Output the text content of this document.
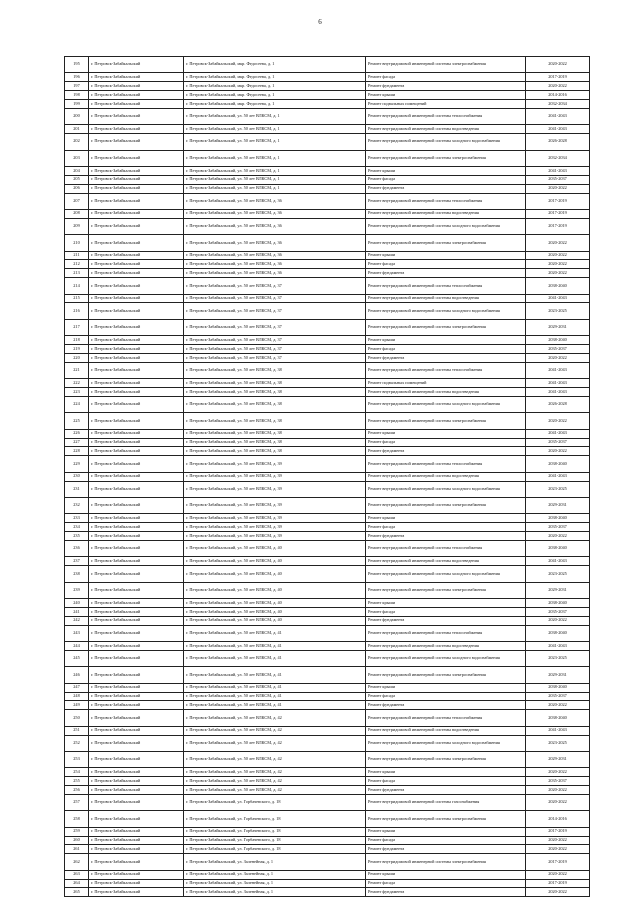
6
195	г. Петровск-Забайкальский	г. Петровск-Забайкальский, мкр. Федосеева, д. 1	Ремонт внутридомовой инженерной системы электроснабжения	2020-2022
196	г. Петровск-Забайкальский	г. Петровск-Забайкальский, мкр. Федосеева, д. 1	Ремонт фасада	2017-2019
197	г. Петровск-Забайкальский	г. Петровск-Забайкальский, мкр. Федосеева, д. 1	Ремонт фундамента	2020-2022
198	г. Петровск-Забайкальский	г. Петровск-Забайкальский, мкр. Федосеева, д. 1	Ремонт крыши	2014-2016
199	г. Петровск-Забайкальский	г. Петровск-Забайкальский, мкр. Федосеева, д. 1	Ремонт подвальных помещений	2032-2034
200	г. Петровск-Забайкальский	г. Петровск-Забайкальский, ул. 50 лет ВЛКСМ, д. 1	Ремонт внутридомовой инженерной системы теплоснабжения	2041-2043
201	г. Петровск-Забайкальский	г. Петровск-Забайкальский, ул. 50 лет ВЛКСМ, д. 1	Ремонт внутридомовой инженерной системы водоотведения	2041-2043
202	г. Петровск-Забайкальский	г. Петровск-Забайкальский, ул. 50 лет ВЛКСМ, д. 1	Ремонт внутридомовой инженерной системы холодного водоснабжения	2026-2028
203	г. Петровск-Забайкальский	г. Петровск-Забайкальский, ул. 50 лет ВЛКСМ, д. 1	Ремонт внутридомовой инженерной системы электроснабжения	2032-2034
204	г. Петровск-Забайкальский	г. Петровск-Забайкальский, ул. 50 лет ВЛКСМ, д. 1	Ремонт крыши	2041-2043
205	г. Петровск-Забайкальский	г. Петровск-Забайкальский, ул. 50 лет ВЛКСМ, д. 1	Ремонт фасада	2035-2037
206	г. Петровск-Забайкальский	г. Петровск-Забайкальский, ул. 50 лет ВЛКСМ, д. 1	Ремонт фундамента	2020-2022
207	г. Петровск-Забайкальский	г. Петровск-Забайкальский, ул. 50 лет ВЛКСМ, д. 36	Ремонт внутридомовой инженерной системы теплоснабжения	2017-2019
208	г. Петровск-Забайкальский	г. Петровск-Забайкальский, ул. 50 лет ВЛКСМ, д. 36	Ремонт внутридомовой инженерной системы водоотведения	2017-2019
209	г. Петровск-Забайкальский	г. Петровск-Забайкальский, ул. 50 лет ВЛКСМ, д. 36	Ремонт внутридомовой инженерной системы холодного водоснабжения	2017-2019
210	г. Петровск-Забайкальский	г. Петровск-Забайкальский, ул. 50 лет ВЛКСМ, д. 36	Ремонт внутридомовой инженерной системы электроснабжения	2020-2022
211	г. Петровск-Забайкальский	г. Петровск-Забайкальский, ул. 50 лет ВЛКСМ, д. 36	Ремонт крыши	2020-2022
212	г. Петровск-Забайкальский	г. Петровск-Забайкальский, ул. 50 лет ВЛКСМ, д. 36	Ремонт фасада	2020-2022
213	г. Петровск-Забайкальский	г. Петровск-Забайкальский, ул. 50 лет ВЛКСМ, д. 36	Ремонт фундамента	2020-2022
214	г. Петровск-Забайкальский	г. Петровск-Забайкальский, ул. 50 лет ВЛКСМ, д. 37	Ремонт внутридомовой инженерной системы теплоснабжения	2038-2040
215	г. Петровск-Забайкальский	г. Петровск-Забайкальский, ул. 50 лет ВЛКСМ, д. 37	Ремонт внутридомовой инженерной системы водоотведения	2041-2043
216	г. Петровск-Забайкальский	г. Петровск-Забайкальский, ул. 50 лет ВЛКСМ, д. 37	Ремонт внутридомовой инженерной системы холодного водоснабжения	2023-2025
217	г. Петровск-Забайкальский	г. Петровск-Забайкальский, ул. 50 лет ВЛКСМ, д. 37	Ремонт внутридомовой инженерной системы электроснабжения	2029-2031
218	г. Петровск-Забайкальский	г. Петровск-Забайкальский, ул. 50 лет ВЛКСМ, д. 37	Ремонт крыши	2038-2040
219	г. Петровск-Забайкальский	г. Петровск-Забайкальский, ул. 50 лет ВЛКСМ, д. 37	Ремонт фасада	2035-2037
220	г. Петровск-Забайкальский	г. Петровск-Забайкальский, ул. 50 лет ВЛКСМ, д. 37	Ремонт фундамента	2020-2022
221	г. Петровск-Забайкальский	г. Петровск-Забайкальский, ул. 50 лет ВЛКСМ, д. 38	Ремонт внутридомовой инженерной системы теплоснабжения	2041-2043
222	г. Петровск-Забайкальский	г. Петровск-Забайкальский, ул. 50 лет ВЛКСМ, д. 38	Ремонт подвальных помещений	2041-2043
223	г. Петровск-Забайкальский	г. Петровск-Забайкальский, ул. 50 лет ВЛКСМ, д. 38	Ремонт внутридомовой инженерной системы водоотведения	2041-2043
224	г. Петровск-Забайкальский	г. Петровск-Забайкальский, ул. 50 лет ВЛКСМ, д. 38	Ремонт внутридомовой инженерной системы холодного водоснабжения	2026-2028
225	г. Петровск-Забайкальский	г. Петровск-Забайкальский, ул. 50 лет ВЛКСМ, д. 38	Ремонт внутридомовой инженерной системы электроснабжения	2020-2022
226	г. Петровск-Забайкальский	г. Петровск-Забайкальский, ул. 50 лет ВЛКСМ, д. 38	Ремонт крыши	2041-2043
227	г. Петровск-Забайкальский	г. Петровск-Забайкальский, ул. 50 лет ВЛКСМ, д. 38	Ремонт фасада	2035-2037
228	г. Петровск-Забайкальский	г. Петровск-Забайкальский, ул. 50 лет ВЛКСМ, д. 38	Ремонт фундамента	2020-2022
229	г. Петровск-Забайкальский	г. Петровск-Забайкальский, ул. 50 лет ВЛКСМ, д. 39	Ремонт внутридомовой инженерной системы теплоснабжения	2038-2040
230	г. Петровск-Забайкальский	г. Петровск-Забайкальский, ул. 50 лет ВЛКСМ, д. 39	Ремонт внутридомовой инженерной системы водоотведения	2041-2043
231	г. Петровск-Забайкальский	г. Петровск-Забайкальский, ул. 50 лет ВЛКСМ, д. 39	Ремонт внутридомовой инженерной системы холодного водоснабжения	2023-2025
232	г. Петровск-Забайкальский	г. Петровск-Забайкальский, ул. 50 лет ВЛКСМ, д. 39	Ремонт внутридомовой инженерной системы электроснабжения	2029-2031
233	г. Петровск-Забайкальский	г. Петровск-Забайкальский, ул. 50 лет ВЛКСМ, д. 39	Ремонт крыши	2038-2040
234	г. Петровск-Забайкальский	г. Петровск-Забайкальский, ул. 50 лет ВЛКСМ, д. 39	Ремонт фасада	2035-2037
235	г. Петровск-Забайкальский	г. Петровск-Забайкальский, ул. 50 лет ВЛКСМ, д. 39	Ремонт фундамента	2020-2022
236	г. Петровск-Забайкальский	г. Петровск-Забайкальский, ул. 50 лет ВЛКСМ, д. 40	Ремонт внутридомовой инженерной системы теплоснабжения	2038-2040
237	г. Петровск-Забайкальский	г. Петровск-Забайкальский, ул. 50 лет ВЛКСМ, д. 40	Ремонт внутридомовой инженерной системы водоотведения	2041-2043
238	г. Петровск-Забайкальский	г. Петровск-Забайкальский, ул. 50 лет ВЛКСМ, д. 40	Ремонт внутридомовой инженерной системы холодного водоснабжения	2023-2025
239	г. Петровск-Забайкальский	г. Петровск-Забайкальский, ул. 50 лет ВЛКСМ, д. 40	Ремонт внутридомовой инженерной системы электроснабжения	2029-2031
240	г. Петровск-Забайкальский	г. Петровск-Забайкальский, ул. 50 лет ВЛКСМ, д. 40	Ремонт крыши	2038-2040
241	г. Петровск-Забайкальский	г. Петровск-Забайкальский, ул. 50 лет ВЛКСМ, д. 40	Ремонт фасада	2035-2037
242	г. Петровск-Забайкальский	г. Петровск-Забайкальский, ул. 50 лет ВЛКСМ, д. 40	Ремонт фундамента	2020-2022
243	г. Петровск-Забайкальский	г. Петровск-Забайкальский, ул. 50 лет ВЛКСМ, д. 41	Ремонт внутридомовой инженерной системы теплоснабжения	2038-2040
244	г. Петровск-Забайкальский	г. Петровск-Забайкальский, ул. 50 лет ВЛКСМ, д. 41	Ремонт внутридомовой инженерной системы водоотведения	2041-2043
245	г. Петровск-Забайкальский	г. Петровск-Забайкальский, ул. 50 лет ВЛКСМ, д. 41	Ремонт внутридомовой инженерной системы холодного водоснабжения	2023-2025
246	г. Петровск-Забайкальский	г. Петровск-Забайкальский, ул. 50 лет ВЛКСМ, д. 41	Ремонт внутридомовой инженерной системы электроснабжения	2029-2031
247	г. Петровск-Забайкальский	г. Петровск-Забайкальский, ул. 50 лет ВЛКСМ, д. 41	Ремонт крыши	2038-2040
248	г. Петровск-Забайкальский	г. Петровск-Забайкальский, ул. 50 лет ВЛКСМ, д. 41	Ремонт фасада	2035-2037
249	г. Петровск-Забайкальский	г. Петровск-Забайкальский, ул. 50 лет ВЛКСМ, д. 41	Ремонт фундамента	2020-2022
250	г. Петровск-Забайкальский	г. Петровск-Забайкальский, ул. 50 лет ВЛКСМ, д. 42	Ремонт внутридомовой инженерной системы теплоснабжения	2038-2040
251	г. Петровск-Забайкальский	г. Петровск-Забайкальский, ул. 50 лет ВЛКСМ, д. 42	Ремонт внутридомовой инженерной системы водоотведения	2041-2043
252	г. Петровск-Забайкальский	г. Петровск-Забайкальский, ул. 50 лет ВЛКСМ, д. 42	Ремонт внутридомовой инженерной системы холодного водоснабжения	2023-2025
253	г. Петровск-Забайкальский	г. Петровск-Забайкальский, ул. 50 лет ВЛКСМ, д. 42	Ремонт внутридомовой инженерной системы электроснабжения	2029-2031
254	г. Петровск-Забайкальский	г. Петровск-Забайкальский, ул. 50 лет ВЛКСМ, д. 42	Ремонт крыши	2020-2022
255	г. Петровск-Забайкальский	г. Петровск-Забайкальский, ул. 50 лет ВЛКСМ, д. 42	Ремонт фасада	2035-2037
256	г. Петровск-Забайкальский	г. Петровск-Забайкальский, ул. 50 лет ВЛКСМ, д. 42	Ремонт фундамента	2020-2022
257	г. Петровск-Забайкальский	г. Петровск-Забайкальский, ул. Горбачевского, д. 18	Ремонт внутридомовой инженерной системы газоснабжения	2020-2022
258	г. Петровск-Забайкальский	г. Петровск-Забайкальский, ул. Горбачевского, д. 18	Ремонт внутридомовой инженерной системы электроснабжения	2014-2016
259	г. Петровск-Забайкальский	г. Петровск-Забайкальский, ул. Горбачевского, д. 18	Ремонт крыши	2017-2019
260	г. Петровск-Забайкальский	г. Петровск-Забайкальский, ул. Горбачевского, д. 18	Ремонт фасада	2020-2022
261	г. Петровск-Забайкальский	г. Петровск-Забайкальский, ул. Горбачевского, д. 18	Ремонт фундамента	2020-2022
262	г. Петровск-Забайкальский	г. Петровск-Забайкальский, ул. Заленейная, д. 1	Ремонт внутридомовой инженерной системы электроснабжения	2017-2019
263	г. Петровск-Забайкальский	г. Петровск-Забайкальский, ул. Заленейная, д. 1	Ремонт крыши	2020-2022
264	г. Петровск-Забайкальский	г. Петровск-Забайкальский, ул. Заленейная, д. 1	Ремонт фасада	2017-2019
265	г. Петровск-Забайкальский	г. Петровск-Забайкальский, ул. Заленейная, д. 1	Ремонт фундамента	2020-2022
